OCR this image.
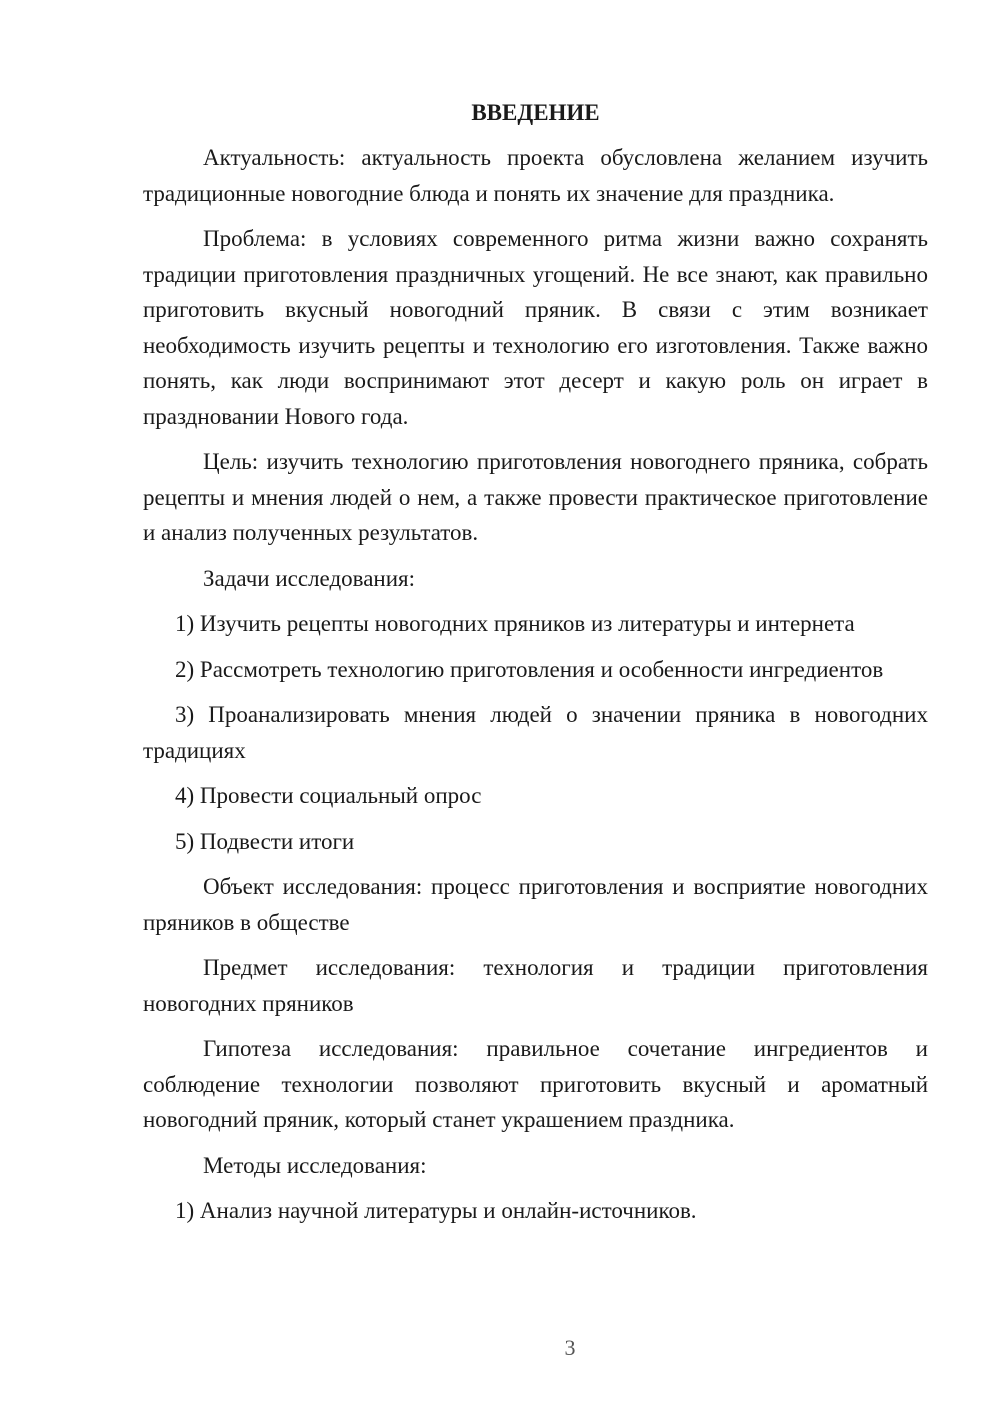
ВВЕДЕНИЕ

Актуальность: актуальность проекта обусловлена желанием изучить традиционные новогодние блюда и понять их значение для праздника.

Проблема: в условиях современного ритма жизни важно сохранять традиции приготовления праздничных угощений. Не все знают, как правильно приготовить вкусный новогодний пряник. В связи с этим возникает необходимость изучить рецепты и технологию его изготовления. Также важно понять, как люди воспринимают этот десерт и какую роль он играет в праздновании Нового года.

Цель: изучить технологию приготовления новогоднего пряника, собрать рецепты и мнения людей о нем, а также провести практическое приготовление и анализ полученных результатов.

Задачи исследования:

1) Изучить рецепты новогодних пряников из литературы и интернета

2) Рассмотреть технологию приготовления и особенности ингредиентов

3) Проанализировать мнения людей о значении пряника в новогодних традициях

4) Провести социальный опрос

5) Подвести итоги

Объект исследования: процесс приготовления и восприятие новогодних пряников в обществе

Предмет исследования: технология и традиции приготовления новогодних пряников

Гипотеза исследования: правильное сочетание ингредиентов и соблюдение технологии позволяют приготовить вкусный и ароматный новогодний пряник, который станет украшением праздника.

Методы исследования:

1) Анализ научной литературы и онлайн-источников.

3
